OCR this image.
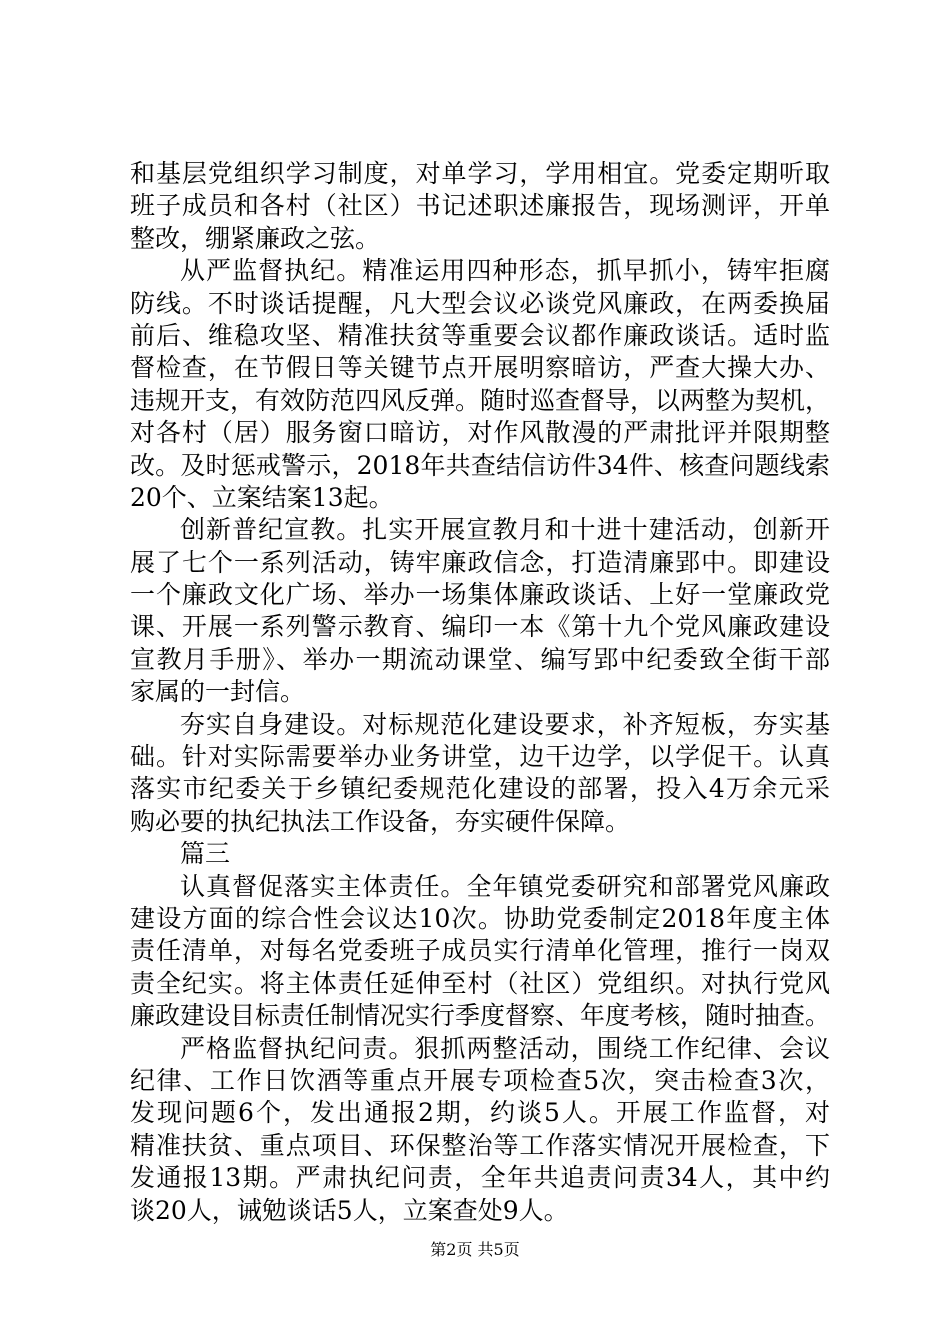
和基层党组织学习制度，对单学习，学用相宜。党委定期听取
班子成员和各村（社区）书记述职述廉报告，现场测评，开单
整改，绷紧廉政之弦。
从严监督执纪。精准运用四种形态，抓早抓小，铸牢拒腐
防线。不时谈话提醒，凡大型会议必谈党风廉政，在两委换届
前后、维稳攻坚、精准扶贫等重要会议都作廉政谈话。适时监
督检查，在节假日等关键节点开展明察暗访，严查大操大办、
违规开支，有效防范四风反弹。随时巡查督导，以两整为契机，
对各村（居）服务窗口暗访，对作风散漫的严肃批评并限期整
改。及时惩戒警示，2018年共查结信访件34件、核查问题线索
20个、立案结案13起。
创新普纪宣教。扎实开展宣教月和十进十建活动，创新开
展了七个一系列活动，铸牢廉政信念，打造清廉郢中。即建设
一个廉政文化广场、举办一场集体廉政谈话、上好一堂廉政党
课、开展一系列警示教育、编印一本《第十九个党风廉政建设
宣教月手册》、举办一期流动课堂、编写郢中纪委致全街干部
家属的一封信。
夯实自身建设。对标规范化建设要求，补齐短板，夯实基
础。针对实际需要举办业务讲堂，边干边学，以学促干。认真
落实市纪委关于乡镇纪委规范化建设的部署，投入4万余元采
购必要的执纪执法工作设备，夯实硬件保障。
篇三
认真督促落实主体责任。全年镇党委研究和部署党风廉政
建设方面的综合性会议达10次。协助党委制定2018年度主体
责任清单，对每名党委班子成员实行清单化管理，推行一岗双
责全纪实。将主体责任延伸至村（社区）党组织。对执行党风
廉政建设目标责任制情况实行季度督察、年度考核，随时抽查。
严格监督执纪问责。狠抓两整活动，围绕工作纪律、会议
纪律、工作日饮酒等重点开展专项检查5次，突击检查3次，
发现问题6个，发出通报2期，约谈5人。开展工作监督，对
精准扶贫、重点项目、环保整治等工作落实情况开展检查，下
发通报13期。严肃执纪问责，全年共追责问责34人，其中约
谈20人，诫勉谈话5人，立案查处9人。
第2页 共5页
